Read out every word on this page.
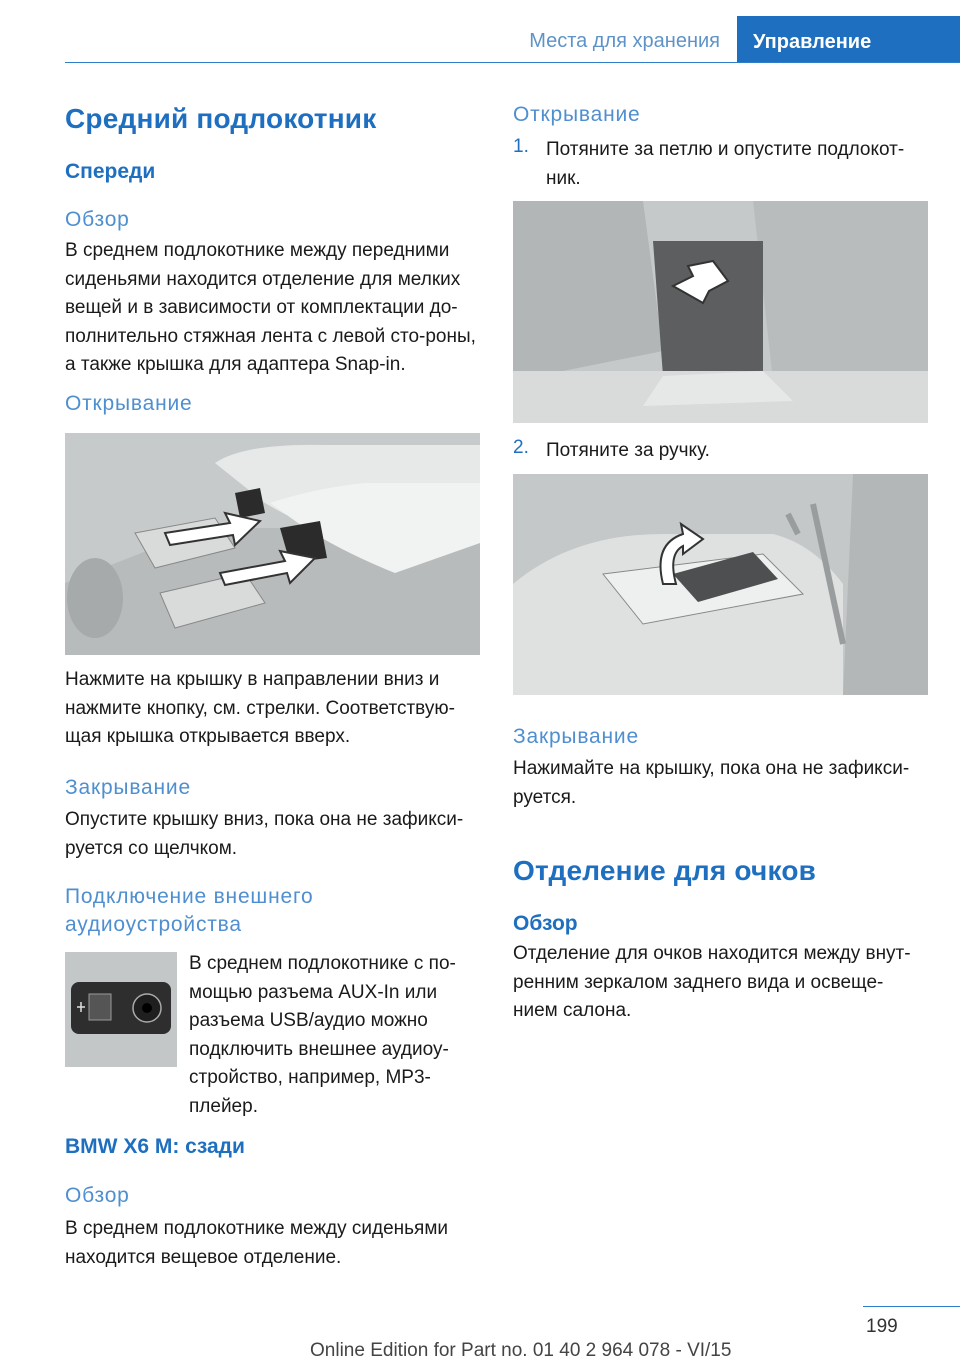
Места для хранения	Управление
Средний подлокотник
Спереди
Обзор

В среднем подлокотнике между передними сиденьями находится отделение для мелких вещей и в зависимости от комплектации до-полнительно стяжная лента с левой сто-роны, а также крышка для адаптера Snap-in.

Открывание

Нажмите на крышку в направлении вниз и нажмите кнопку, см. стрелки. Соответствую-щая крышка открывается вверх.

Закрывание

Опустите крышку вниз, пока она не зафикси-руется со щелчком.

Подключение внешнего аудиоустройства

В среднем подлокотнике с по-мощью разъема AUX-In или разъема USB/аудио можно подключить внешнее аудиоу-стройство, например, MP3-плейер.

BMW X6 M: сзади
Обзор

В среднем подлокотнике между сиденьями находится вещевое отделение.

Открывание
1. Потяните за петлю и опустите подлокот-ник.
2. Потяните за ручку.
Закрывание

Нажимайте на крышку, пока она не зафикси-руется.

Отделение для очков
Обзор

Отделение для очков находится между внут-ренним зеркалом заднего вида и освеще-нием салона.

199
Online Edition for Part no. 01 40 2 964 078 - VI/15
